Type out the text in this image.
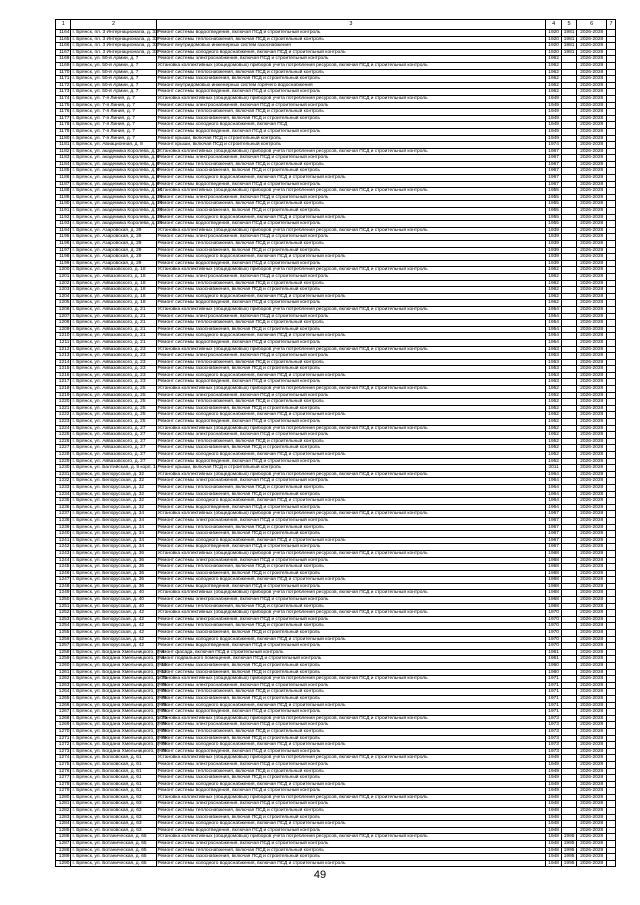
1	2	3	4	5	6	7
1164	г. Брянск, пл. 3 Интернационала, д. 33	Ремонт системы водоотведения, включая ПСД и строительный контроль	1920	1981	2026-2028	
1165	г. Брянск, пл. 3 Интернационала, д. 33	Ремонт системы теплоснабжения, включая ПСД и строительный контроль	1920	1981	2026-2028	
1166	г. Брянск, пл. 3 Интернационала, д. 33	Ремонт внутридомовых инженерных систем газоснабжения	1920	1981	2026-2028	
1167	г. Брянск, пл. 3 Интернационала, д. 33	Ремонт системы холодного водоснабжения, включая ПСД и строительный контроль	1920	1981	2026-2028	
1168	г. Брянск, ул. 50-й Армии, д. 7	Ремонт системы электроснабжения, включая ПСД и строительный контроль	1962		2026-2028	
1169	г. Брянск, ул. 50-й Армии, д. 7	Установка коллективных (общедомовых) приборов учета потребления ресурсов, включая ПСД и строительный контроль	1962		2026-2028	
1170	г. Брянск, ул. 50-й Армии, д. 7	Ремонт системы теплоснабжения, включая ПСД и строительный контроль	1962		2026-2028	
1171	г. Брянск, ул. 50-й Армии, д. 7	Ремонт системы газоснабжения, включая ПСД и строительный контроль	1962		2026-2028	
1172	г. Брянск, ул. 50-й Армии, д. 7	Ремонт внутридомовых инженерных систем горячего водоснабжения	1962		2026-2028	
1173	г. Брянск, ул. 50-й Армии, д. 7	Ремонт системы водоотведения, включая ПСД и строительный контроль	1962		2026-2028	
1174	г. Брянск, ул. 7-я Линия, д. 7	Установка коллективных (общедомовых) приборов учета потребления ресурсов, включая ПСД и строительный контроль	1949		2026-2028	
1175	г. Брянск, ул. 7-я Линия, д. 7	Ремонт системы электроснабжения, включая ПСД и строительный контроль	1949		2026-2028	
1176	г. Брянск, ул. 7-я Линия, д. 7	Ремонт системы теплоснабжения, включая ПСД и строительный контроль	1949		2026-2028	
1177	г. Брянск, ул. 7-я Линия, д. 7	Ремонт системы газоснабжения, включая ПСД и строительный контроль	1949		2026-2028	
1178	г. Брянск, ул. 7-я Линия, д. 7	Ремонт системы холодного водоснабжения, включая ПСД	1949		2026-2028	
1179	г. Брянск, ул. 7-я Линия, д. 7	Ремонт системы водоотведения, включая ПСД и строительный контроль	1949		2026-2028	
1180	г. Брянск, ул. 7-я Линия, д. 7	Ремонт крыши, включая ПСД и строительный контроль	1949		2026-2028	
1181	г. Брянск, ул. Авиационная, д. 8	Ремонт крыши, включая ПСД и строительный контроль	1974		2026-2028	
1182	г. Брянск, ул. академика Королева, д. 2	Установка коллективных (общедомовых) приборов учета потребления ресурсов, включая ПСД и строительный контроль	1967		2026-2028	
1183	г. Брянск, ул. академика Королева, д. 6	Ремонт системы электроснабжения, включая ПСД и строительный контроль	1967		2026-2028	
1184	г. Брянск, ул. академика Королева, д. 6	Ремонт системы теплоснабжения, включая ПСД и строительный контроль	1967		2026-2028	
1185	г. Брянск, ул. академика Королева, д. 6	Ремонт системы газоснабжения, включая ПСД и строительный контроль	1967		2026-2028	
1186	г. Брянск, ул. академика Королева, д. 6	Ремонт системы холодного водоснабжения, включая ПСД и строительный контроль	1967		2026-2028	
1187	г. Брянск, ул. академика Королева, д. 6	Ремонт системы водоотведения, включая ПСД и строительный контроль	1967		2026-2028	
1188	г. Брянск, ул. академика Королева, д. 14	Установка коллективных (общедомовых) приборов учета потребления ресурсов, включая ПСД и строительный контроль	1955		2026-2028	
1189	г. Брянск, ул. академика Королева, д. 14	Ремонт системы электроснабжения, включая ПСД и строительный контроль	1955		2026-2028	
1190	г. Брянск, ул. академика Королева, д. 14	Ремонт системы теплоснабжения, включая ПСД и строительный контроль	1955		2026-2028	
1191	г. Брянск, ул. академика Королева, д. 14	Ремонт системы газоснабжения, включая ПСД и строительный контроль	1955		2026-2028	
1192	г. Брянск, ул. академика Королева, д. 14	Ремонт системы холодного водоснабжения, включая ПСД и строительный контроль	1955		2026-2028	
1193	г. Брянск, ул. академика Королева, д. 14	Ремонт системы водоотведения, включая ПСД и строительный контроль	1955		2026-2028	
1194	г. Брянск, ул. Азаровская, д. 29	Установка коллективных (общедомовых) приборов учета потребления ресурсов, включая ПСД и строительный контроль	1939		2026-2028	
1195	г. Брянск, ул. Азаровская, д. 29	Ремонт системы электроснабжения, включая ПСД и строительный контроль	1939		2026-2028	
1196	г. Брянск, ул. Азаровская, д. 29	Ремонт системы теплоснабжения, включая ПСД и строительный контроль	1939		2026-2028	
1197	г. Брянск, ул. Азаровская, д. 29	Ремонт системы газоснабжения, включая ПСД и строительный контроль	1939		2026-2028	
1198	г. Брянск, ул. Азаровская, д. 29	Ремонт системы холодного водоснабжения, включая ПСД и строительный контроль	1939		2026-2028	
1199	г. Брянск, ул. Азаровская, д. 29	Ремонт системы водоотведения, включая ПСД и строительный контроль	1939		2026-2028	
1200	г. Брянск, ул. Айвазовского, д. 18	Установка коллективных (общедомовых) приборов учета потребления ресурсов, включая ПСД и строительный контроль	1962		2026-2028	
1201	г. Брянск, ул. Айвазовского, д. 18	Ремонт системы электроснабжения, включая ПСД и строительный контроль	1962		2026-2028	
1202	г. Брянск, ул. Айвазовского, д. 18	Ремонт системы теплоснабжения, включая ПСД и строительный контроль	1962		2026-2028	
1203	г. Брянск, ул. Айвазовского, д. 18	Ремонт системы газоснабжения, включая ПСД и строительный контроль	1962		2026-2028	
1204	г. Брянск, ул. Айвазовского, д. 18	Ремонт системы холодного водоснабжения, включая ПСД и строительный контроль	1962		2026-2028	
1205	г. Брянск, ул. Айвазовского, д. 18	Ремонт системы водоотведения, включая ПСД и строительный контроль	1962		2026-2028	
1206	г. Брянск, ул. Айвазовского, д. 21	Установка коллективных (общедомовых) приборов учета потребления ресурсов, включая ПСД и строительный контроль	1954		2026-2028	
1207	г. Брянск, ул. Айвазовского, д. 21	Ремонт системы электроснабжения, включая ПСД и строительный контроль	1954		2026-2028	
1208	г. Брянск, ул. Айвазовского, д. 21	Ремонт системы теплоснабжения, включая ПСД и строительный контроль	1954		2026-2028	
1209	г. Брянск, ул. Айвазовского, д. 21	Ремонт системы газоснабжения, включая ПСД и строительный контроль	1954		2026-2028	
1210	г. Брянск, ул. Айвазовского, д. 21	Ремонт системы холодного водоснабжения, включая ПСД и строительный контроль	1954		2026-2028	
1211	г. Брянск, ул. Айвазовского, д. 21	Ремонт системы водоотведения, включая ПСД и строительный контроль	1954		2026-2028	
1212	г. Брянск, ул. Айвазовского, д. 23	Установка коллективных (общедомовых) приборов учета потребления ресурсов, включая ПСД и строительный контроль	1953		2026-2028	
1213	г. Брянск, ул. Айвазовского, д. 23	Ремонт системы электроснабжения, включая ПСД и строительный контроль	1953		2026-2028	
1214	г. Брянск, ул. Айвазовского, д. 23	Ремонт системы теплоснабжения, включая ПСД и строительный контроль	1953		2026-2028	
1215	г. Брянск, ул. Айвазовского, д. 23	Ремонт системы газоснабжения, включая ПСД и строительный контроль	1953		2026-2028	
1216	г. Брянск, ул. Айвазовского, д. 23	Ремонт системы холодного водоснабжения, включая ПСД и строительный контроль	1953		2026-2028	
1217	г. Брянск, ул. Айвазовского, д. 23	Ремонт системы водоотведения, включая ПСД и строительный контроль	1953		2026-2028	
1218	г. Брянск, ул. Айвазовского, д. 25	Установка коллективных (общедомовых) приборов учета потребления ресурсов, включая ПСД и строительный контроль	1952		2026-2028	
1219	г. Брянск, ул. Айвазовского, д. 25	Ремонт системы электроснабжения, включая ПСД и строительный контроль	1952		2026-2028	
1220	г. Брянск, ул. Айвазовского, д. 25	Ремонт системы теплоснабжения, включая ПСД и строительный контроль	1952		2026-2028	
1221	г. Брянск, ул. Айвазовского, д. 25	Ремонт системы газоснабжения, включая ПСД и строительный контроль	1952		2026-2028	
1222	г. Брянск, ул. Айвазовского, д. 25	Ремонт системы холодного водоснабжения, включая ПСД и строительный контроль	1952		2026-2028	
1223	г. Брянск, ул. Айвазовского, д. 25	Ремонт системы водоотведения, включая ПСД и строительный контроль	1952		2026-2028	
1224	г. Брянск, ул. Айвазовского, д. 27	Установка коллективных (общедомовых) приборов учета потребления ресурсов, включая ПСД и строительный контроль	1952		2026-2028	
1225	г. Брянск, ул. Айвазовского, д. 27	Ремонт системы электроснабжения, включая ПСД и строительный контроль	1952		2026-2028	
1226	г. Брянск, ул. Айвазовского, д. 27	Ремонт системы теплоснабжения, включая ПСД и строительный контроль	1952		2026-2028	
1227	г. Брянск, ул. Айвазовского, д. 27	Ремонт системы газоснабжения, включая ПСД и строительный контроль	1952		2026-2028	
1228	г. Брянск, ул. Айвазовского, д. 27	Ремонт системы холодного водоснабжения, включая ПСД и строительный контроль	1952		2026-2028	
1229	г. Брянск, ул. Айвазовского, д. 27	Ремонт системы водоотведения, включая ПСД и строительный контроль	1952		2026-2028	
1230	г. Брянск, ул. Балтийская, д. 9 корп. 1	Ремонт крыши, включая ПСД и строительный контроль	2011		2026-2028	
1231	г. Брянск, ул. Белорусская, д. 32	Установка коллективных (общедомовых) приборов учета потребления ресурсов, включая ПСД и строительный контроль	1964		2026-2028	
1232	г. Брянск, ул. Белорусская, д. 32	Ремонт системы электроснабжения, включая ПСД и строительный контроль	1964		2026-2028	
1233	г. Брянск, ул. Белорусская, д. 32	Ремонт системы теплоснабжения, включая ПСД и строительный контроль	1964		2026-2028	
1234	г. Брянск, ул. Белорусская, д. 32	Ремонт системы газоснабжения, включая ПСД и строительный контроль	1964		2026-2028	
1235	г. Брянск, ул. Белорусская, д. 32	Ремонт системы холодного водоснабжения, включая ПСД и строительный контроль	1964		2026-2028	
1236	г. Брянск, ул. Белорусская, д. 32	Ремонт системы водоотведения, включая ПСД и строительный контроль	1964		2026-2028	
1237	г. Брянск, ул. Белорусская, д. 34	Установка коллективных (общедомовых) приборов учета потребления ресурсов, включая ПСД и строительный контроль	1967		2026-2028	
1238	г. Брянск, ул. Белорусская, д. 34	Ремонт системы электроснабжения, включая ПСД и строительный контроль	1967		2026-2028	
1239	г. Брянск, ул. Белорусская, д. 34	Ремонт системы теплоснабжения, включая ПСД и строительный контроль	1967		2026-2028	
1240	г. Брянск, ул. Белорусская, д. 34	Ремонт системы газоснабжения, включая ПСД и строительный контроль	1967		2026-2028	
1241	г. Брянск, ул. Белорусская, д. 34	Ремонт системы холодного водоснабжения, включая ПСД и строительный контроль	1967		2026-2028	
1242	г. Брянск, ул. Белорусская, д. 34	Ремонт системы водоотведения, включая ПСД и строительный контроль	1967		2026-2028	
1243	г. Брянск, ул. Белорусская, д. 36	Установка коллективных (общедомовых) приборов учета потребления ресурсов, включая ПСД и строительный контроль	1968		2026-2028	
1244	г. Брянск, ул. Белорусская, д. 36	Ремонт системы электроснабжения, включая ПСД и строительный контроль	1968		2026-2028	
1245	г. Брянск, ул. Белорусская, д. 36	Ремонт системы теплоснабжения, включая ПСД и строительный контроль	1968		2026-2028	
1246	г. Брянск, ул. Белорусская, д. 36	Ремонт системы газоснабжения, включая ПСД и строительный контроль	1968		2026-2028	
1247	г. Брянск, ул. Белорусская, д. 36	Ремонт системы холодного водоснабжения, включая ПСД и строительный контроль	1968		2026-2028	
1248	г. Брянск, ул. Белорусская, д. 36	Ремонт системы водоотведения, включая ПСД и строительный контроль	1968		2026-2028	
1249	г. Брянск, ул. Белорусская, д. 40	Установка коллективных (общедомовых) приборов учета потребления ресурсов, включая ПСД и строительный контроль	1968		2026-2028	
1250	г. Брянск, ул. Белорусская, д. 40	Ремонт системы электроснабжения, включая ПСД и строительный контроль	1968		2026-2028	
1251	г. Брянск, ул. Белорусская, д. 40	Ремонт системы теплоснабжения, включая ПСД и строительный контроль	1968		2026-2028	
1252	г. Брянск, ул. Белорусская, д. 42	Установка коллективных (общедомовых) приборов учета потребления ресурсов, включая ПСД и строительный контроль	1970		2026-2028	
1253	г. Брянск, ул. Белорусская, д. 42	Ремонт системы электроснабжения, включая ПСД и строительный контроль	1970		2026-2028	
1254	г. Брянск, ул. Белорусская, д. 42	Ремонт системы теплоснабжения, включая ПСД и строительный контроль	1970		2026-2028	
1255	г. Брянск, ул. Белорусская, д. 42	Ремонт системы газоснабжения, включая ПСД и строительный контроль	1970		2026-2028	
1256	г. Брянск, ул. Белорусская, д. 42	Ремонт системы холодного водоснабжения, включая ПСД и строительный контроль	1970		2026-2028	
1257	г. Брянск, ул. Белорусская, д. 42	Ремонт системы водоотведения, включая ПСД и строительный контроль	1970		2026-2028	
1258	г. Брянск, ул. Богдана Хмельницкого, д. 4	Ремонт фасада, включая ПСД и строительный контроль	1961		2026-2028	
1259	г. Брянск, ул. Богдана Хмельницкого, д. 4	Ремонт подвального помещения, включая ПСД и строительный контроль	1961		2026-2028	
1260	г. Брянск, ул. Богдана Хмельницкого, д. 10	Ремонт системы газоснабжения, включая ПСД и строительный контроль	1960		2026-2028	
1261	г. Брянск, ул. Богдана Хмельницкого, д. 12	Ремонт системы газоснабжения, включая ПСД и строительный контроль	1960		2026-2028	
1262	г. Брянск, ул. Богдана Хмельницкого, д. 75	Установка коллективных (общедомовых) приборов учета потребления ресурсов, включая ПСД и строительный контроль	1971		2026-2028	
1263	г. Брянск, ул. Богдана Хмельницкого, д. 75	Ремонт системы электроснабжения, включая ПСД и строительный контроль	1971		2026-2028	
1264	г. Брянск, ул. Богдана Хмельницкого, д. 75	Ремонт системы теплоснабжения, включая ПСД и строительный контроль	1971		2026-2028	
1265	г. Брянск, ул. Богдана Хмельницкого, д. 75	Ремонт системы газоснабжения, включая ПСД и строительный контроль	1971		2026-2028	
1266	г. Брянск, ул. Богдана Хмельницкого, д. 75	Ремонт системы холодного водоснабжения, включая ПСД и строительный контроль	1971		2026-2028	
1267	г. Брянск, ул. Богдана Хмельницкого, д. 75	Ремонт системы водоотведения, включая ПСД и строительный контроль	1971		2026-2028	
1268	г. Брянск, ул. Богдана Хмельницкого, д. 79	Установка коллективных (общедомовых) приборов учета потребления ресурсов, включая ПСД и строительный контроль	1973		2026-2028	
1269	г. Брянск, ул. Богдана Хмельницкого, д. 79	Ремонт системы электроснабжения, включая ПСД и строительный контроль	1973		2026-2028	
1270	г. Брянск, ул. Богдана Хмельницкого, д. 79	Ремонт системы теплоснабжения, включая ПСД и строительный контроль	1973		2026-2028	
1271	г. Брянск, ул. Богдана Хмельницкого, д. 79	Ремонт системы газоснабжения, включая ПСД и строительный контроль	1973		2026-2028	
1272	г. Брянск, ул. Богдана Хмельницкого, д. 79	Ремонт системы холодного водоснабжения, включая ПСД и строительный контроль	1973		2026-2028	
1273	г. Брянск, ул. Богдана Хмельницкого, д. 79	Ремонт системы водоотведения, включая ПСД и строительный контроль	1973		2026-2028	
1274	г. Брянск, ул. Болховская, д. 61	Установка коллективных (общедомовых) приборов учета потребления ресурсов, включая ПСД и строительный контроль	1949		2026-2028	
1275	г. Брянск, ул. Болховская, д. 61	Ремонт системы электроснабжения, включая ПСД и строительный контроль	1949		2026-2028	
1276	г. Брянск, ул. Болховская, д. 61	Ремонт системы теплоснабжения, включая ПСД и строительный контроль	1949		2026-2028	
1277	г. Брянск, ул. Болховская, д. 61	Ремонт системы газоснабжения, включая ПСД и строительный контроль	1949		2026-2028	
1278	г. Брянск, ул. Болховская, д. 61	Ремонт системы холодного водоснабжения, включая ПСД и строительный контроль	1949		2026-2028	
1279	г. Брянск, ул. Болховская, д. 61	Ремонт системы водоотведения, включая ПСД и строительный контроль	1949		2026-2028	
1280	г. Брянск, ул. Болховская, д. 63	Установка коллективных (общедомовых) приборов учета потребления ресурсов, включая ПСД и строительный контроль	1948		2026-2028	
1281	г. Брянск, ул. Болховская, д. 63	Ремонт системы электроснабжения, включая ПСД и строительный контроль	1948		2026-2028	
1282	г. Брянск, ул. Болховская, д. 63	Ремонт системы теплоснабжения, включая ПСД и строительный контроль	1948		2026-2028	
1283	г. Брянск, ул. Болховская, д. 63	Ремонт системы газоснабжения, включая ПСД и строительный контроль	1948		2026-2028	
1284	г. Брянск, ул. Болховская, д. 63	Ремонт системы холодного водоснабжения, включая ПСД и строительный контроль	1948		2026-2028	
1285	г. Брянск, ул. Болховская, д. 63	Ремонт системы водоотведения, включая ПСД и строительный контроль	1948		2026-2028	
1286	г. Брянск, ул. Ботаническая, д. 65	Установка коллективных (общедомовых) приборов учета потребления ресурсов, включая ПСД и строительный контроль	1948	1995	2026-2028	
1287	г. Брянск, ул. Ботаническая, д. 65	Ремонт системы электроснабжения, включая ПСД и строительный контроль	1948	1995	2026-2028	
1288	г. Брянск, ул. Ботаническая, д. 65	Ремонт системы теплоснабжения, включая ПСД и строительный контроль	1948	1995	2026-2028	
1289	г. Брянск, ул. Ботаническая, д. 65	Ремонт системы газоснабжения, включая ПСД и строительный контроль	1948	1995	2026-2028	
1290	г. Брянск, ул. Ботаническая, д. 65	Ремонт системы холодного водоснабжения, включая ПСД и строительный контроль	1948	1995	2026-2028	
49
